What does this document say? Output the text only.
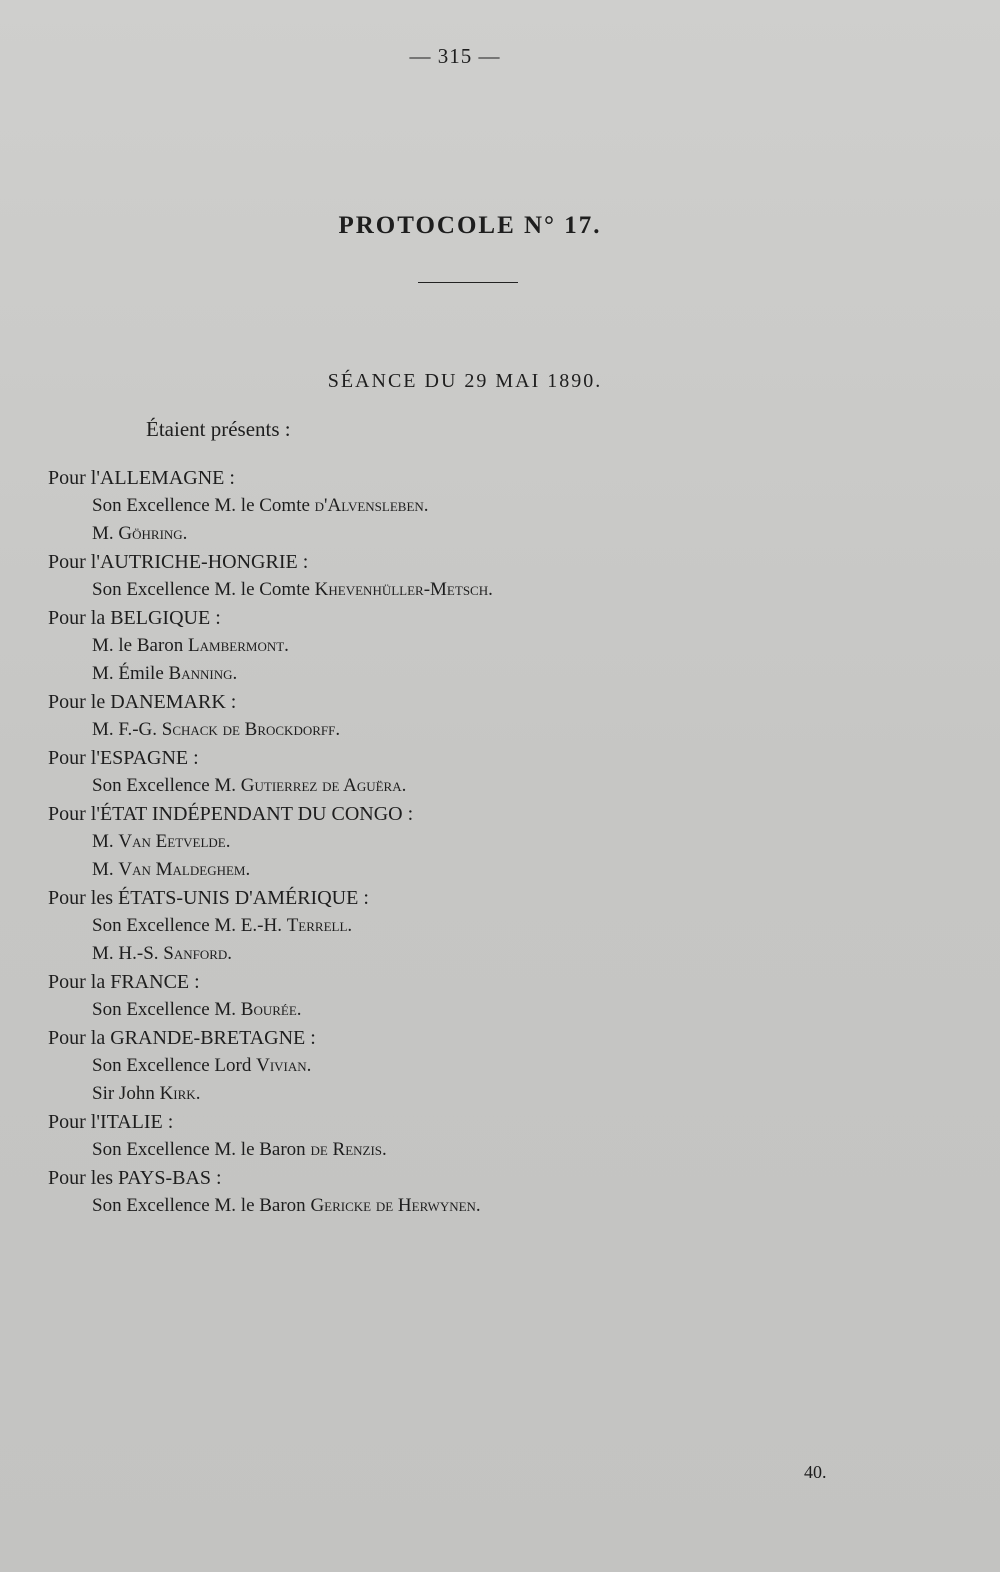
— 315 —
PROTOCOLE N° 17.
SÉANCE DU 29 MAI 1890.
Étaient présents :
Pour l'ALLEMAGNE :
Son Excellence M. le Comte d'Alvensleben.
M. Göhring.
Pour l'AUTRICHE-HONGRIE :
Son Excellence M. le Comte Khevenhüller-Metsch.
Pour la BELGIQUE :
M. le Baron Lambermont.
M. Émile Banning.
Pour le DANEMARK :
M. F.-G. Schack de Brockdorff.
Pour l'ESPAGNE :
Son Excellence M. Gutierrez de Aguëra.
Pour l'ÉTAT INDÉPENDANT DU CONGO :
M. Van Eetvelde.
M. Van Maldeghem.
Pour les ÉTATS-UNIS D'AMÉRIQUE :
Son Excellence M. E.-H. Terrell.
M. H.-S. Sanford.
Pour la FRANCE :
Son Excellence M. Bourée.
Pour la GRANDE-BRETAGNE :
Son Excellence Lord Vivian.
Sir John Kirk.
Pour l'ITALIE :
Son Excellence M. le Baron de Renzis.
Pour les PAYS-BAS :
Son Excellence M. le Baron Gericke de Herwynen.
40.
